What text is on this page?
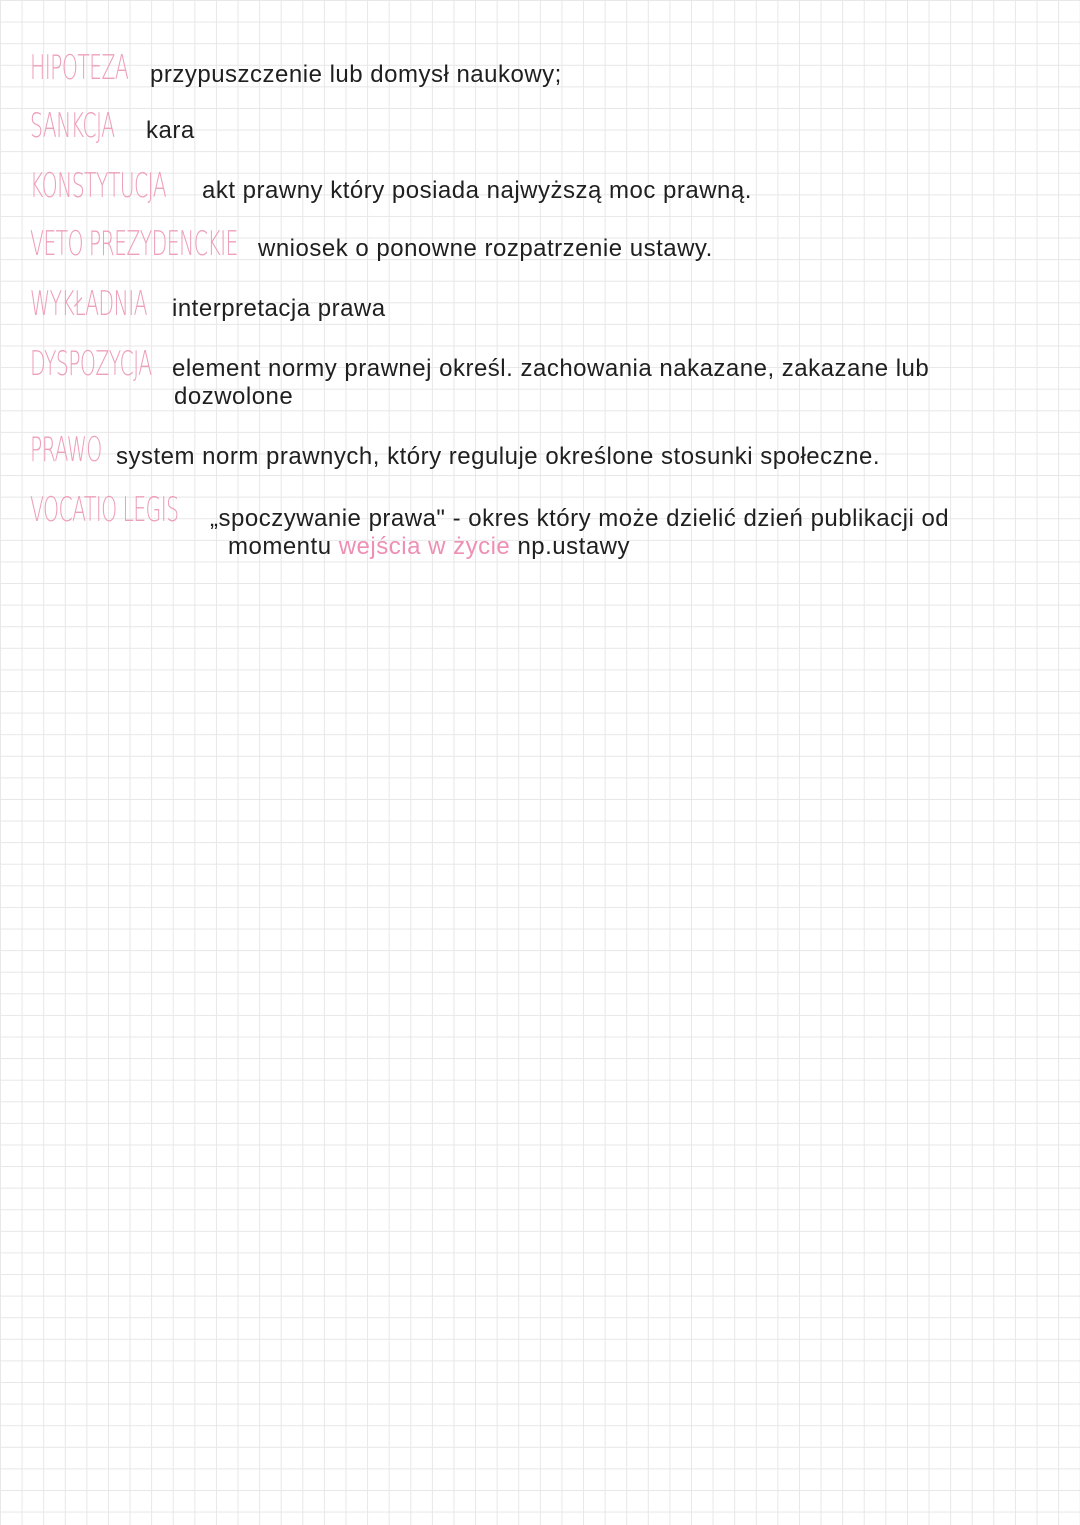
HIPOTEZA przypuszczenie lub domysł naukowy;
SANKCJA kara
KONSTYTUCJA akt prawny który posiada najwyższą moc prawną.
VETO PREZYDENCKIE wniosek o ponowne rozpatrzenie ustawy.
WYKŁADNIA interpretacja prawa
DYSPOZYCJA element normy prawnej określ. zachowania nakazane, zakazane lub
dozwolone
PRAWO system norm prawnych, który reguluje określone stosunki społeczne.
VOCATIO LEGIS „spoczywanie prawa" - okres który może dzielić dzień publikacji od
momentu wejścia w życie np.ustawy
